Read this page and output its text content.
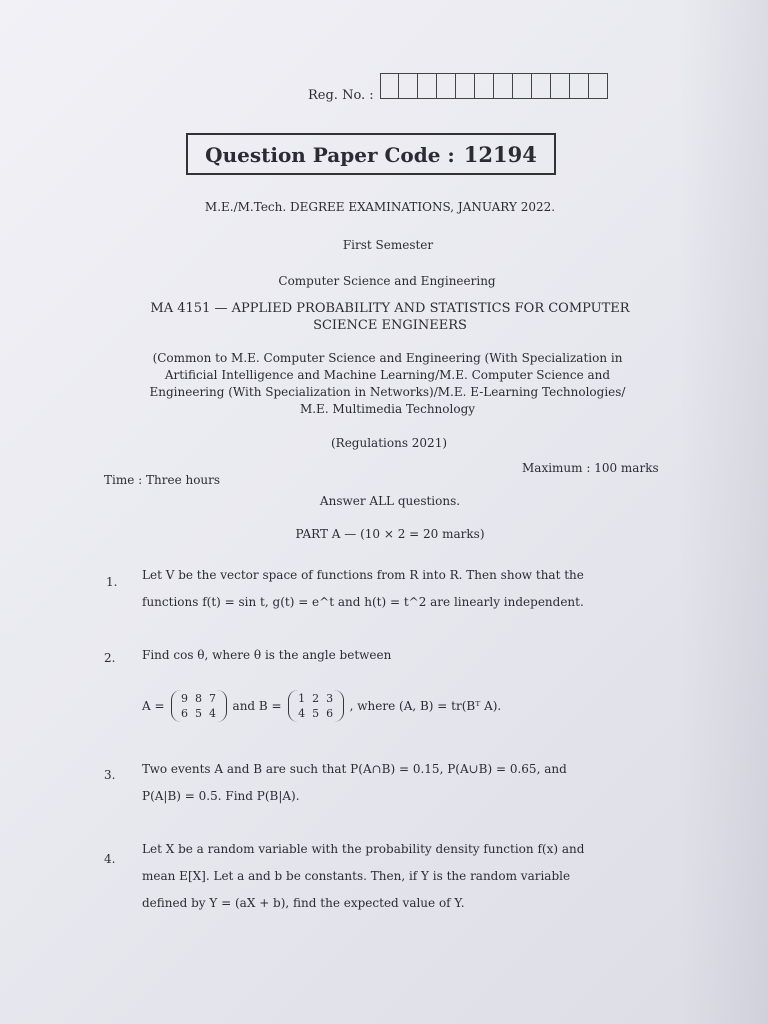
Reg. No. :
Question Paper Code : 12194
M.E./M.Tech. DEGREE EXAMINATIONS, JANUARY 2022.
First Semester
Computer Science and Engineering
MA 4151 — APPLIED PROBABILITY AND STATISTICS FOR COMPUTER
SCIENCE ENGINEERS
(Common to M.E. Computer Science and Engineering (With Specialization in
Artificial Intelligence and Machine Learning/M.E. Computer Science and
Engineering (With Specialization in Networks)/M.E. E-Learning Technologies/
M.E. Multimedia Technology
(Regulations 2021)
Time : Three hours
Maximum : 100 marks
Answer ALL questions.
PART A — (10 × 2 = 20 marks)
1. Let V be the vector space of functions from R into R. Then show that the
functions f(t) = sin t, g(t) = e^t and h(t) = t^2 are linearly independent.
2. Find cos θ, where θ is the angle between
A =
9 8 7
6 5 4
and B =
1 2 3
4 5 6
, where (A, B) = tr(Bᵀ A).
3. Two events A and B are such that P(A∩B) = 0.15, P(A∪B) = 0.65, and
P(A|B) = 0.5. Find P(B|A).
4.
Let X be a random variable with the probability density function f(x) and
mean E[X]. Let a and b be constants. Then, if Y is the random variable
defined by Y = (aX + b), find the expected value of Y.
